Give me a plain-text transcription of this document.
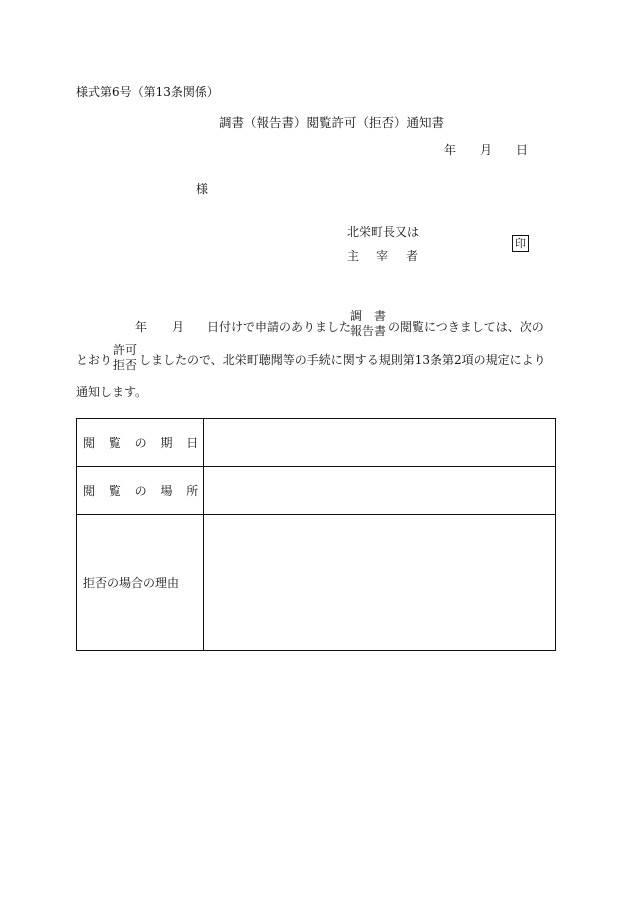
様式第6号（第13条関係）
調書（報告書）閲覧許可（拒否）通知書
年 月 日
様
北栄町長又は
主 宰 者
印
年 月 日付けで申請のありました
調　書
報告書 の閲覧につきましては、次の
とおり
許可
拒否 しましたので、北栄町聴聞等の手続に関する規則第13条第2項の規定により
通知します。
閲 覧 の 期 日	
閲 覧 の 場 所	
拒否の場合の理由	
